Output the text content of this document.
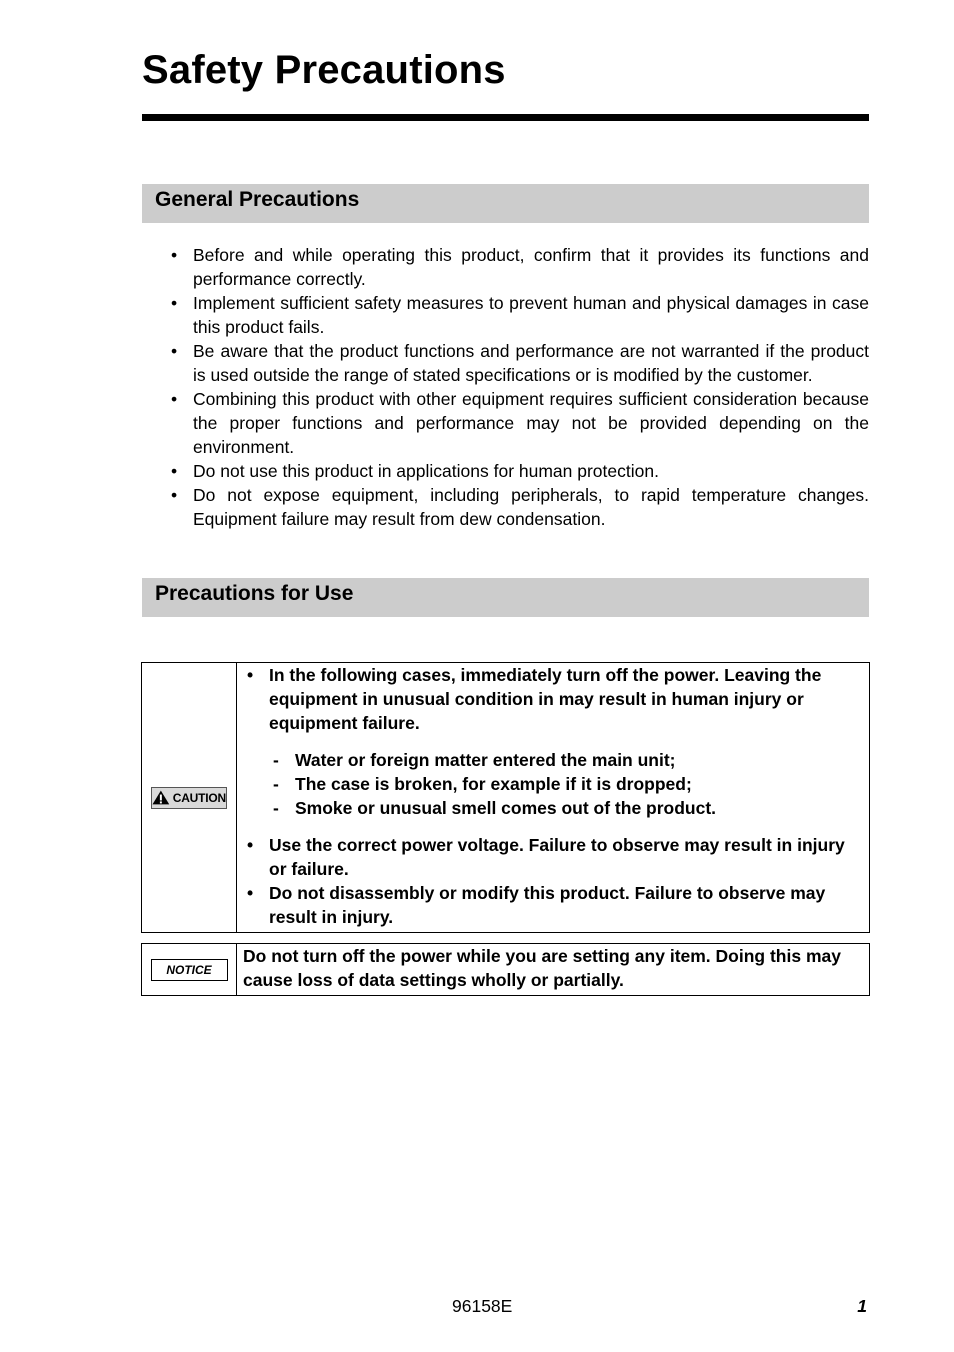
Safety Precautions
General Precautions
• Before and while operating this product, confirm that it provides its functions and performance correctly.
• Implement sufficient safety measures to prevent human and physical damages in case this product fails.
• Be aware that the product functions and performance are not warranted if the product is used outside the range of stated specifications or is modified by the customer.
• Combining this product with other equipment requires sufficient consideration because the proper functions and performance may not be provided depending on the environment.
• Do not use this product in applications for human protection.
• Do not expose equipment, including peripherals, to rapid temperature changes. Equipment failure may result from dew condensation.
Precautions for Use
CAUTION
• In the following cases, immediately turn off the power. Leaving the equipment in unusual condition in may result in human injury or equipment failure.
- Water or foreign matter entered the main unit;
- The case is broken, for example if it is dropped;
- Smoke or unusual smell comes out of the product.
• Use the correct power voltage. Failure to observe may result in injury or failure.
• Do not disassembly or modify this product. Failure to observe may result in injury.
NOTICE
Do not turn off the power while you are setting any item. Doing this may cause loss of data settings wholly or partially.
96158E	1
